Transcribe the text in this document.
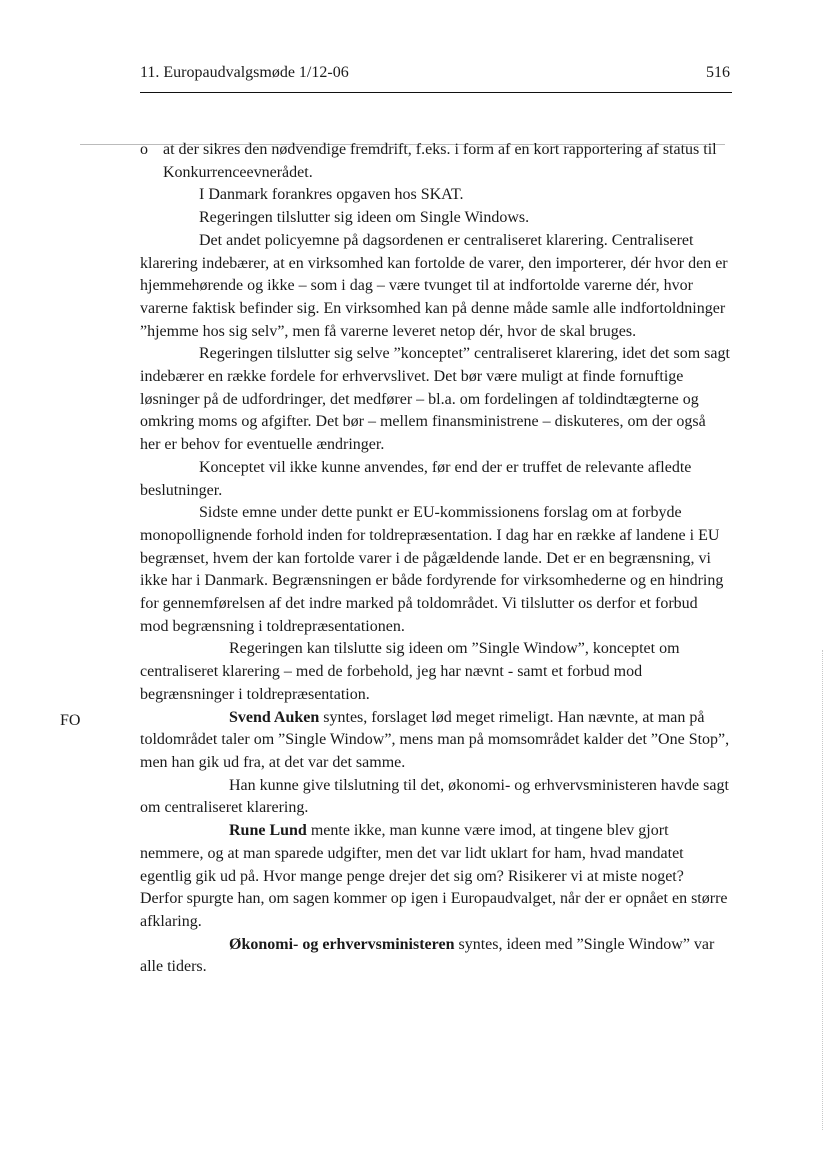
11. Europaudvalgsmøde 1/12-06	516
FO

o at der sikres den nødvendige fremdrift, f.eks. i form af en kort rapportering af status til Konkurrenceevnerådet.

I Danmark forankres opgaven hos SKAT.

Regeringen tilslutter sig ideen om Single Windows.

Det andet policyemne på dagsordenen er centraliseret klarering. Centraliseret klarering indebærer, at en virksomhed kan fortolde de varer, den importerer, dér hvor den er hjemmehørende og ikke – som i dag – være tvunget til at indfortolde varerne dér, hvor varerne faktisk befinder sig. En virksomhed kan på denne måde samle alle indfortoldninger ”hjemme hos sig selv”, men få varerne leveret netop dér, hvor de skal bruges.

Regeringen tilslutter sig selve ”konceptet” centraliseret klarering, idet det som sagt indebærer en række fordele for erhvervslivet. Det bør være muligt at finde fornuftige løsninger på de udfordringer, det medfører – bl.a. om fordelingen af toldindtægterne og omkring moms og afgifter. Det bør – mellem finansministrene – diskuteres, om der også her er behov for eventuelle ændringer.

Konceptet vil ikke kunne anvendes, før end der er truffet de relevante afledte beslutninger.

Sidste emne under dette punkt er EU-kommissionens forslag om at forbyde monopollignende forhold inden for toldrepræsentation. I dag har en række af landene i EU begrænset, hvem der kan fortolde varer i de pågældende lande. Det er en begrænsning, vi ikke har i Danmark. Begrænsningen er både fordyrende for virksomhederne og en hindring for gennemførelsen af det indre marked på toldområdet. Vi tilslutter os derfor et forbud mod begrænsning i toldrepræsentationen.

Regeringen kan tilslutte sig ideen om ”Single Window”, konceptet om centraliseret klarering – med de forbehold, jeg har nævnt - samt et forbud mod begrænsninger i toldrepræsentation.

Svend Auken syntes, forslaget lød meget rimeligt. Han nævnte, at man på toldområdet taler om ”Single Window”, mens man på momsområdet kalder det ”One Stop”, men han gik ud fra, at det var det samme.

Han kunne give tilslutning til det, økonomi- og erhvervsministeren havde sagt om centraliseret klarering.

Rune Lund mente ikke, man kunne være imod, at tingene blev gjort nemmere, og at man sparede udgifter, men det var lidt uklart for ham, hvad mandatet egentlig gik ud på. Hvor mange penge drejer det sig om? Risikerer vi at miste noget? Derfor spurgte han, om sagen kommer op igen i Europaudvalget, når der er opnået en større afklaring.

Økonomi- og erhvervsministeren syntes, ideen med ”Single Window” var alle tiders.
